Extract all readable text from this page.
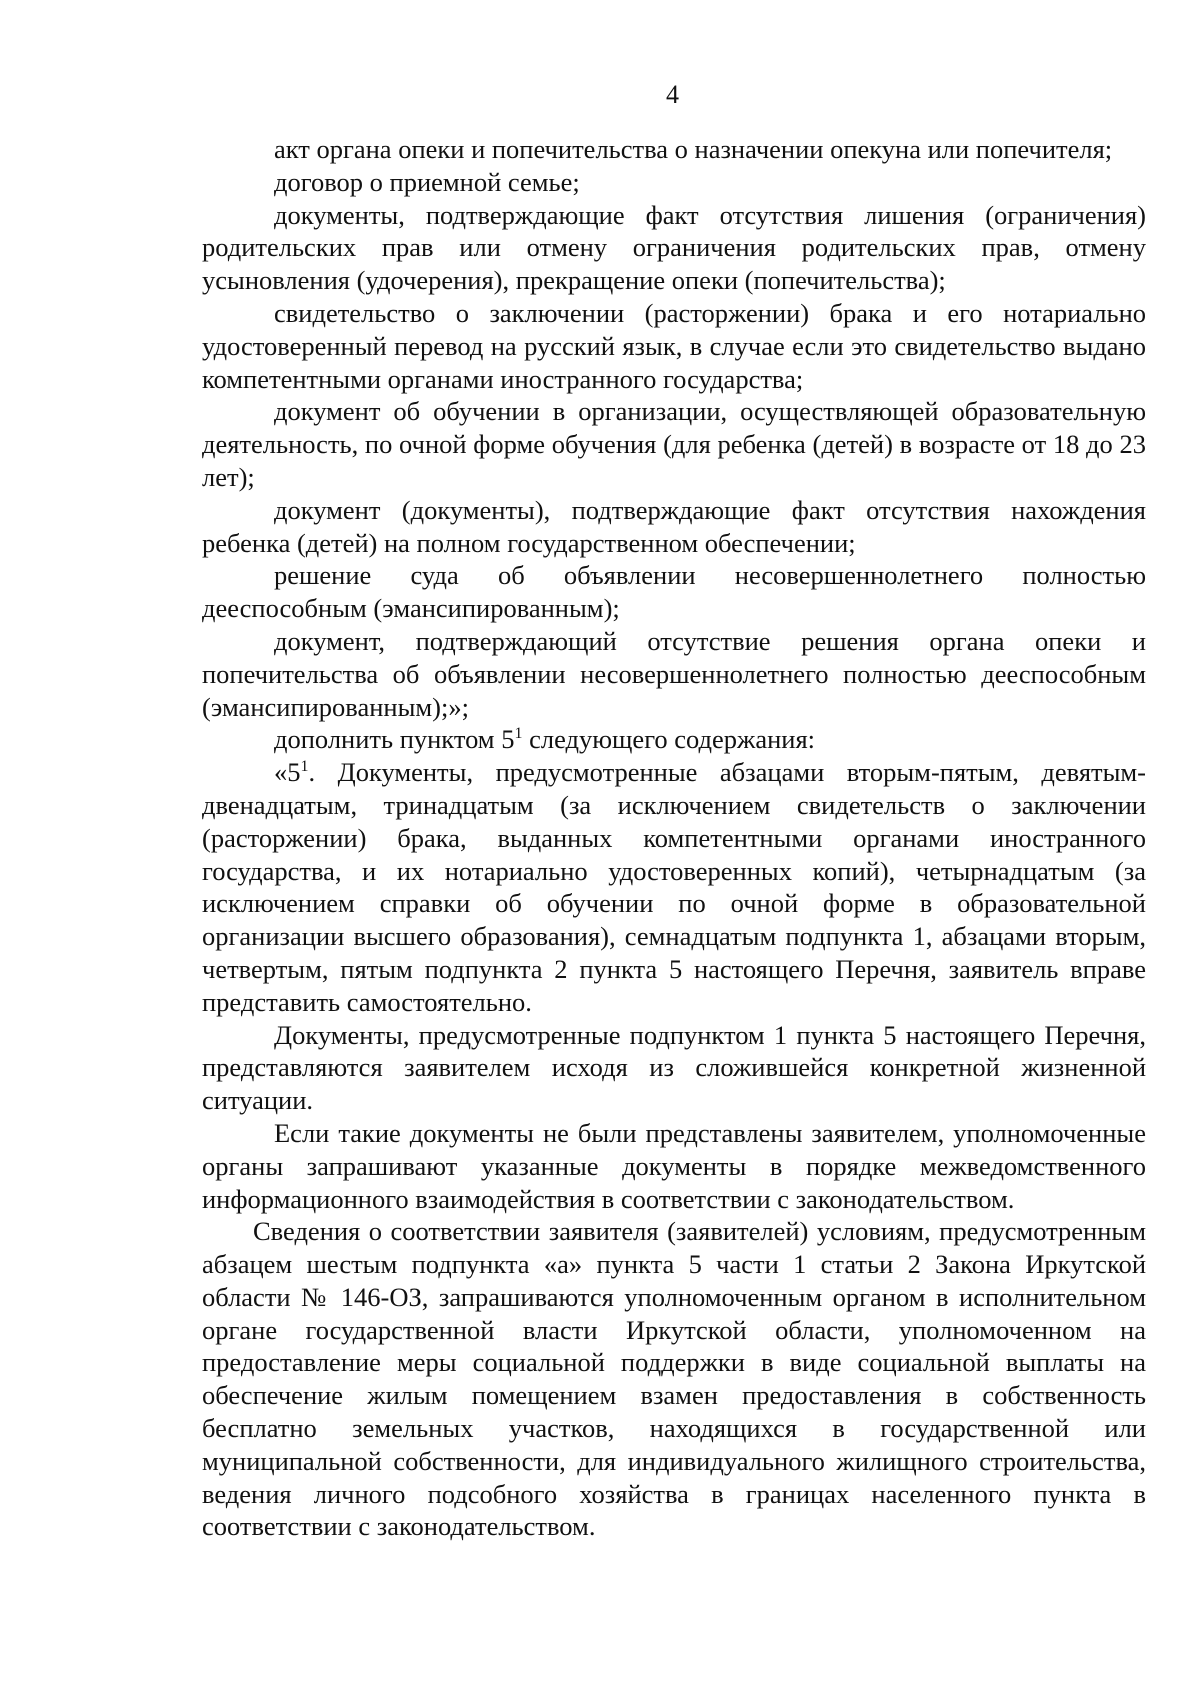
4

акт органа опеки и попечительства о назначении опекуна или попечителя;

договор о приемной семье;

документы, подтверждающие факт отсутствия лишения (ограничения) родительских прав или отмену ограничения родительских прав, отмену усыновления (удочерения), прекращение опеки (попечительства);

свидетельство о заключении (расторжении) брака и его нотариально удостоверенный перевод на русский язык, в случае если это свидетельство выдано компетентными органами иностранного государства;

документ об обучении в организации, осуществляющей образовательную деятельность, по очной форме обучения (для ребенка (детей) в возрасте от 18 до 23 лет);

документ (документы), подтверждающие факт отсутствия нахождения ребенка (детей) на полном государственном обеспечении;

решение суда об объявлении несовершеннолетнего полностью дееспособным (эмансипированным);

документ, подтверждающий отсутствие решения органа опеки и попечительства об объявлении несовершеннолетнего полностью дееспособным (эмансипированным);»;

дополнить пунктом $5^1$ следующего содержания:

«$5^1$. Документы, предусмотренные абзацами вторым-пятым, девятым-двенадцатым, тринадцатым (за исключением свидетельств о заключении (расторжении) брака, выданных компетентными органами иностранного государства, и их нотариально удостоверенных копий), четырнадцатым (за исключением справки об обучении по очной форме в образовательной организации высшего образования), семнадцатым подпункта 1, абзацами вторым, четвертым, пятым подпункта 2 пункта 5 настоящего Перечня, заявитель вправе представить самостоятельно.

Документы, предусмотренные подпунктом 1 пункта 5 настоящего Перечня, представляются заявителем исходя из сложившейся конкретной жизненной ситуации.

Если такие документы не были представлены заявителем, уполномоченные органы запрашивают указанные документы в порядке межведомственного информационного взаимодействия в соответствии с законодательством.

Сведения о соответствии заявителя (заявителей) условиям, предусмотренным абзацем шестым подпункта «а» пункта 5 части 1 статьи 2 Закона Иркутской области № 146-ОЗ, запрашиваются уполномоченным органом в исполнительном органе государственной власти Иркутской области, уполномоченном на предоставление меры социальной поддержки в виде социальной выплаты на обеспечение жилым помещением взамен предоставления в собственность бесплатно земельных участков, находящихся в государственной или муниципальной собственности, для индивидуального жилищного строительства, ведения личного подсобного хозяйства в границах населенного пункта в соответствии с законодательством.
